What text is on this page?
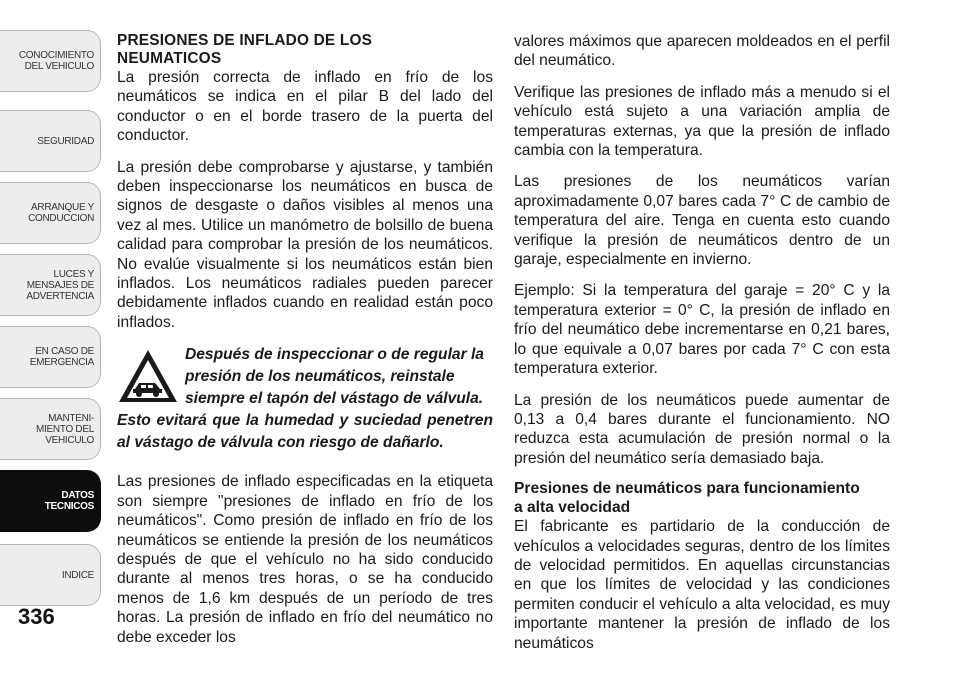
CONOCIMIENTO
DEL VEHICULO
SEGURIDAD
ARRANQUE Y
CONDUCCION
LUCES Y
MENSAJES DE
ADVERTENCIA
EN CASO DE
EMERGENCIA
MANTENI-
MIENTO DEL
VEHICULO
DATOS
TECNICOS
INDICE
336
PRESIONES DE INFLADO DE LOS
NEUMATICOS

La presión correcta de inflado en frío de los neumáticos se indica en el pilar B del lado del conductor o en el borde trasero de la puerta del conductor.

La presión debe comprobarse y ajustarse, y también deben inspeccionarse los neumáticos en busca de signos de desgaste o daños visibles al menos una vez al mes. Utilice un manómetro de bolsillo de buena calidad para comprobar la presión de los neumáticos. No evalúe visualmente si los neumáticos están bien inflados. Los neumáticos radiales pueden parecer debidamente inflados cuando en realidad están poco inflados.

Después de inspeccionar o de regular la
presión de los neumáticos, reinstale
siempre el tapón del vástago de válvula.
Esto evitará que la humedad y suciedad penetren al vástago de válvula con riesgo de dañarlo.

Las presiones de inflado especificadas en la etiqueta son siempre "presiones de inflado en frío de los neumáticos". Como presión de inflado en frío de los neumáticos se entiende la presión de los neumáticos después de que el vehículo no ha sido conducido durante al menos tres horas, o se ha conducido menos de 1,6 km después de un período de tres horas. La presión de inflado en frío del neumático no debe exceder los

valores máximos que aparecen moldeados en el perfil del neumático.

Verifique las presiones de inflado más a menudo si el vehículo está sujeto a una variación amplia de temperaturas externas, ya que la presión de inflado cambia con la temperatura.

Las presiones de los neumáticos varían aproximadamente 0,07 bares cada 7° C de cambio de temperatura del aire. Tenga en cuenta esto cuando verifique la presión de neumáticos dentro de un garaje, especialmente en invierno.

Ejemplo: Si la temperatura del garaje = 20° C y la temperatura exterior = 0° C, la presión de inflado en frío del neumático debe incrementarse en 0,21 bares, lo que equivale a 0,07 bares por cada 7° C con esta temperatura exterior.

La presión de los neumáticos puede aumentar de 0,13 a 0,4 bares durante el funcionamiento. NO reduzca esta acumulación de presión normal o la presión del neumático sería demasiado baja.

Presiones de neumáticos para funcionamiento
a alta velocidad

El fabricante es partidario de la conducción de vehículos a velocidades seguras, dentro de los límites de velocidad permitidos. En aquellas circunstancias en que los límites de velocidad y las condiciones permiten conducir el vehículo a alta velocidad, es muy importante mantener la presión de inflado de los neumáticos
